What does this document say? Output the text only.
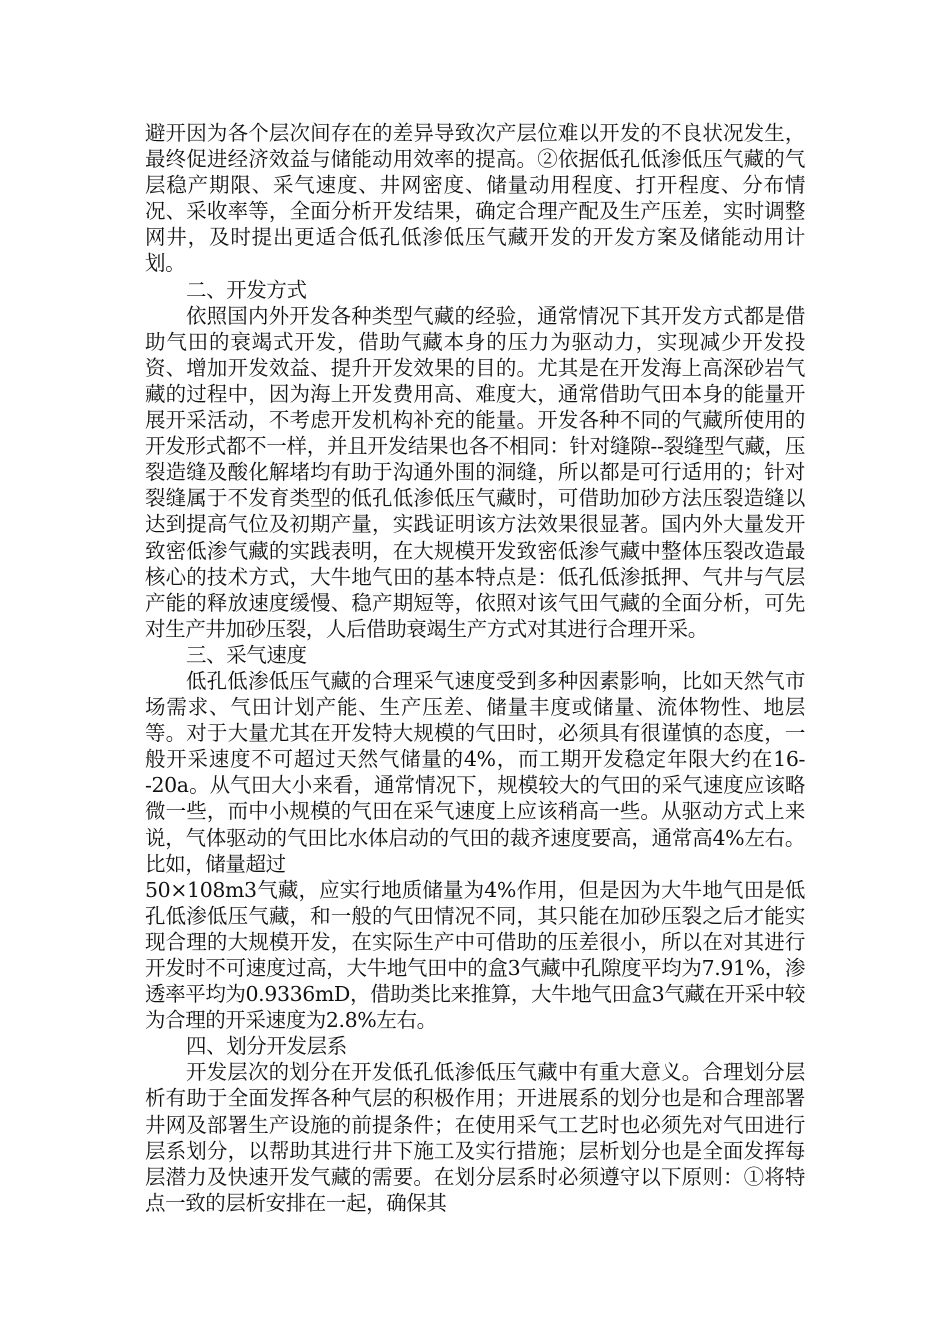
避开因为各个层次间存在的差异导致次产层位难以开发的不良状况发生，最终促进经济效益与储能动用效率的提高。②依据低孔低渗低压气藏的气层稳产期限、采气速度、井网密度、储量动用程度、打开程度、分布情况、采收率等，全面分析开发结果，确定合理产配及生产压差，实时调整网井，及时提出更适合低孔低渗低压气藏开发的开发方案及储能动用计划。

二、开发方式

依照国内外开发各种类型气藏的经验，通常情况下其开发方式都是借助气田的衰竭式开发，借助气藏本身的压力为驱动力，实现减少开发投资、增加开发效益、提升开发效果的目的。尤其是在开发海上高深砂岩气藏的过程中，因为海上开发费用高、难度大，通常借助气田本身的能量开展开采活动，不考虑开发机构补充的能量。开发各种不同的气藏所使用的开发形式都不一样，并且开发结果也各不相同：针对缝隙--裂缝型气藏，压裂造缝及酸化解堵均有助于沟通外围的洞缝，所以都是可行适用的；针对裂缝属于不发育类型的低孔低渗低压气藏时，可借助加砂方法压裂造缝以达到提高气位及初期产量，实践证明该方法效果很显著。国内外大量发开致密低渗气藏的实践表明，在大规模开发致密低渗气藏中整体压裂改造最核心的技术方式，大牛地气田的基本特点是：低孔低渗抵押、气井与气层产能的释放速度缓慢、稳产期短等，依照对该气田气藏的全面分析，可先对生产井加砂压裂，人后借助衰竭生产方式对其进行合理开采。

三、采气速度

低孔低渗低压气藏的合理采气速度受到多种因素影响，比如天然气市场需求、气田计划产能、生产压差、储量丰度或储量、流体物性、地层等。对于大量尤其在开发特大规模的气田时，必须具有很谨慎的态度，一般开采速度不可超过天然气储量的4%，而工期开发稳定年限大约在16--20a。从气田大小来看，通常情况下，规模较大的气田的采气速度应该略微一些，而中小规模的气田在采气速度上应该稍高一些。从驱动方式上来说，气体驱动的气田比水体启动的气田的裁齐速度要高，通常高4%左右。比如，储量超过

50×108m3气藏，应实行地质储量为4%作用，但是因为大牛地气田是低孔低渗低压气藏，和一般的气田情况不同，其只能在加砂压裂之后才能实现合理的大规模开发，在实际生产中可借助的压差很小，所以在对其进行开发时不可速度过高，大牛地气田中的盒3气藏中孔隙度平均为7.91%，渗透率平均为0.9336mD，借助类比来推算，大牛地气田盒3气藏在开采中较为合理的开采速度为2.8%左右。

四、划分开发层系

开发层次的划分在开发低孔低渗低压气藏中有重大意义。合理划分层析有助于全面发挥各种气层的积极作用；开进展系的划分也是和合理部署井网及部署生产设施的前提条件；在使用采气工艺时也必须先对气田进行层系划分，以帮助其进行井下施工及实行措施；层析划分也是全面发挥每层潜力及快速开发气藏的需要。在划分层系时必须遵守以下原则：①将特点一致的层析安排在一起，确保其
